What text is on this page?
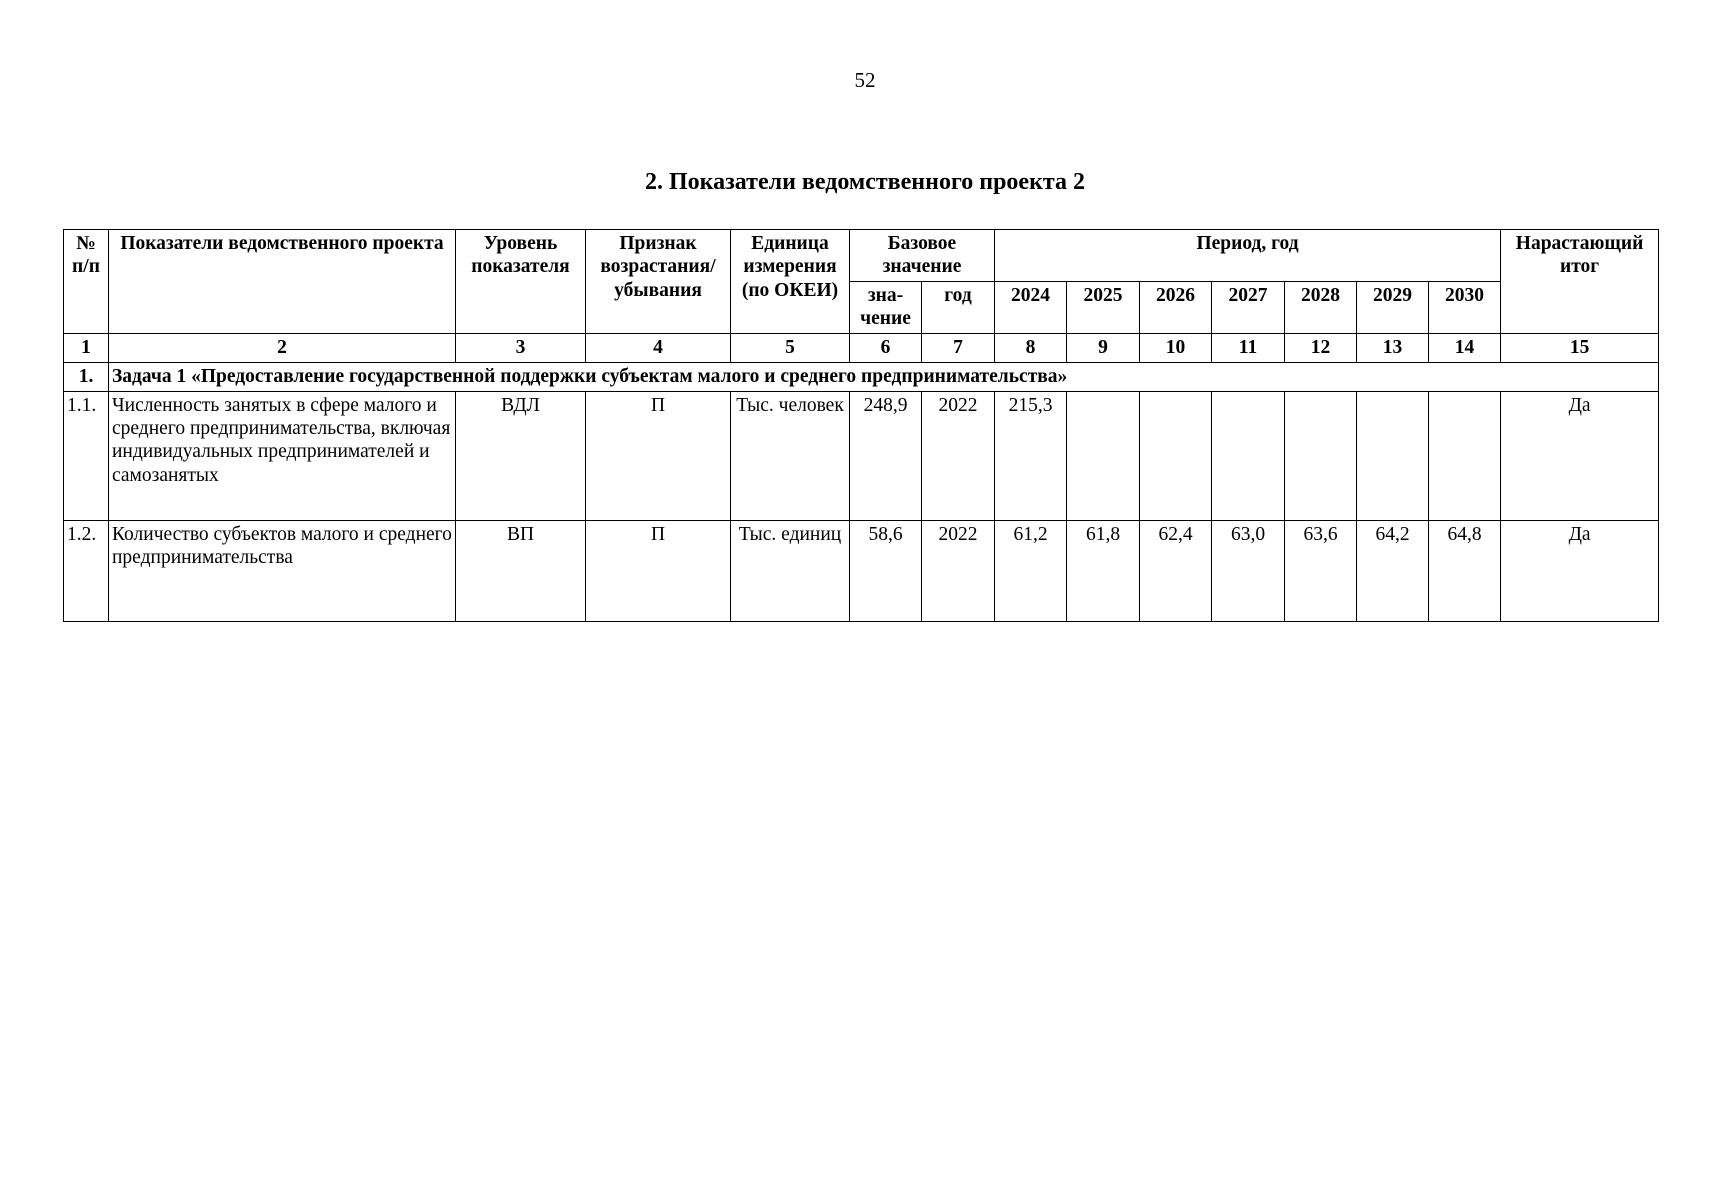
52
2. Показатели ведомственного проекта 2
№ п/п	Показатели ведомственного проекта	Уровень показателя	Признак возрастания/ убывания	Единица измерения (по ОКЕИ)	Базовое значение		Период, год							Нарастающий итог
					зна-чение	год	2024	2025	2026	2027	2028	2029	2030	
1	2	3	4	5	6	7	8	9	10	11	12	13	14	15
1.	Задача 1 «Предоставление государственной поддержки субъектам малого и среднего предпринимательства»													
1.1.	Численность занятых в сфере малого и среднего предпринимательства, включая индивидуальных предпринимателей и самозанятых	ВДЛ	П	Тыс. человек	248,9	2022	215,3							Да
1.2.	Количество субъектов малого и среднего предпринимательства	ВП	П	Тыс. единиц	58,6	2022	61,2	61,8	62,4	63,0	63,6	64,2	64,8	Да
